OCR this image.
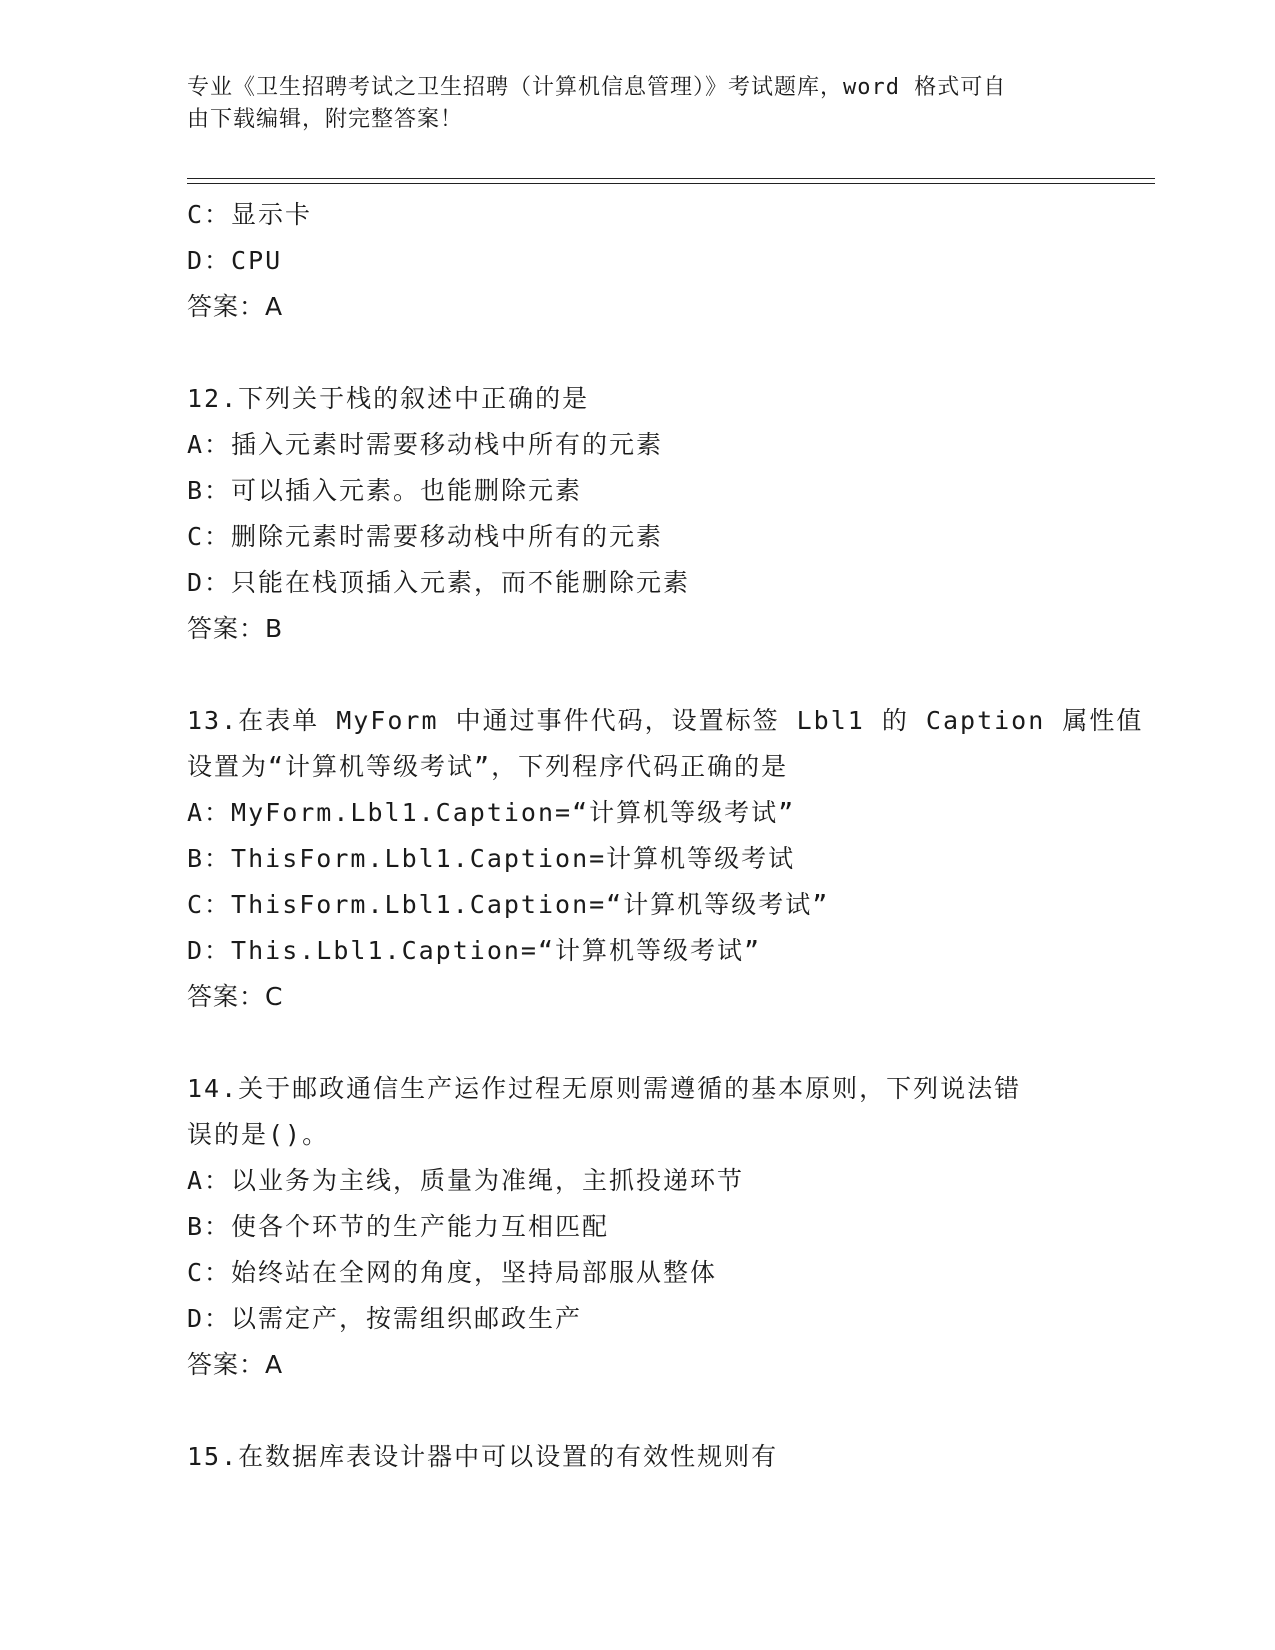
专业《卫生招聘考试之卫生招聘（计算机信息管理）》考试题库，word 格式可自
由下载编辑，附完整答案！
C：显示卡
D：CPU
答案：A
12.下列关于栈的叙述中正确的是
A：插入元素时需要移动栈中所有的元素
B：可以插入元素。也能删除元素
C：删除元素时需要移动栈中所有的元素
D：只能在栈顶插入元素，而不能删除元素
答案：B
13.在表单 MyForm 中通过事件代码，设置标签 Lbl1 的 Caption 属性值
设置为“计算机等级考试”，下列程序代码正确的是
A：MyForm.Lbl1.Caption=“计算机等级考试”
B：ThisForm.Lbl1.Caption=计算机等级考试
C：ThisForm.Lbl1.Caption=“计算机等级考试”
D：This.Lbl1.Caption=“计算机等级考试”
答案：C
14.关于邮政通信生产运作过程无原则需遵循的基本原则，下列说法错
误的是()。
A：以业务为主线，质量为准绳，主抓投递环节
B：使各个环节的生产能力互相匹配
C：始终站在全网的角度，坚持局部服从整体
D：以需定产，按需组织邮政生产
答案：A
15.在数据库表设计器中可以设置的有效性规则有
